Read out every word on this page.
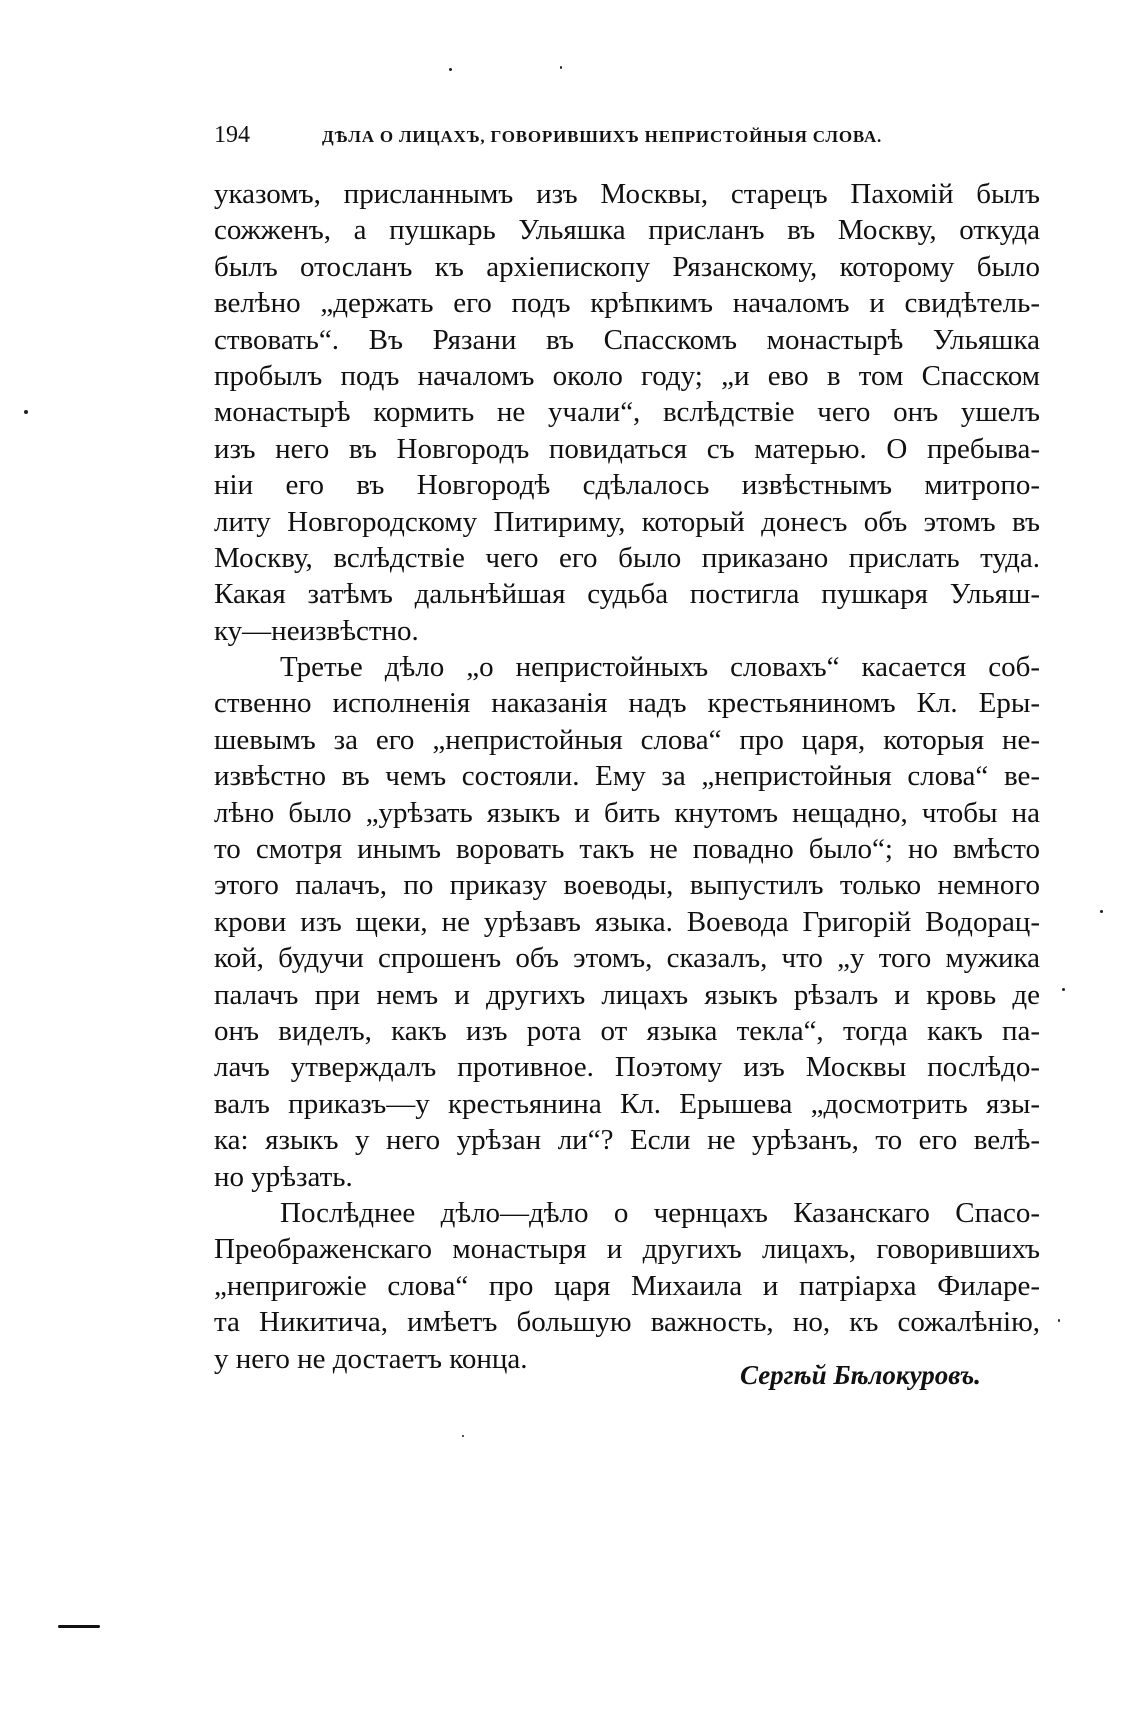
194	ДѢЛА О ЛИЦАХЪ, ГОВОРИВШИХЪ НЕПРИСТОЙНЫЯ СЛОВА.
указомъ, присланнымъ изъ Москвы, старецъ Пахомій былъ
сожженъ, а пушкарь Ульяшка присланъ въ Москву, откуда
былъ отосланъ къ архіепископу Рязанскому, которому было
велѣно „держать его подъ крѣпкимъ началомъ и свидѣтель-
ствовать“. Въ Рязани въ Спасскомъ монастырѣ Ульяшка
пробылъ подъ началомъ около году; „и ево в том Спасском
монастырѣ кормить не учали“, вслѣдствіе чего онъ ушелъ
изъ него въ Новгородъ повидаться съ матерью. О пребыва-
ніи его въ Новгородѣ сдѣлалось извѣстнымъ митропо-
литу Новгородскому Питириму, который донесъ объ этомъ въ
Москву, вслѣдствіе чего его было приказано прислать туда.
Какая затѣмъ дальнѣйшая судьба постигла пушкаря Ульяш-
ку—неизвѣстно.
Третье дѣло „о непристойныхъ словахъ“ касается соб-
ственно исполненія наказанія надъ крестьяниномъ Кл. Еры-
шевымъ за его „непристойныя слова“ про царя, которыя не-
извѣстно въ чемъ состояли. Ему за „непристойныя слова“ ве-
лѣно было „урѣзать языкъ и бить кнутомъ нещадно, чтобы на
то смотря инымъ воровать такъ не повадно было“; но вмѣсто
этого палачъ, по приказу воеводы, выпустилъ только немного
крови изъ щеки, не урѣзавъ языка. Воевода Григорій Водорац-
кой, будучи спрошенъ объ этомъ, сказалъ, что „у того мужика
палачъ при немъ и другихъ лицахъ языкъ рѣзалъ и кровь де
онъ виделъ, какъ изъ рота от языка текла“, тогда какъ па-
лачъ утверждалъ противное. Поэтому изъ Москвы послѣдо-
валъ приказъ—у крестьянина Кл. Ерышева „досмотрить язы-
ка: языкъ у него урѣзан ли“? Если не урѣзанъ, то его велѣ-
но урѣзать.
Послѣднее дѣло—дѣло о чернцахъ Казанскаго Спасо-
Преображенскаго монастыря и другихъ лицахъ, говорившихъ
„непригожіе слова“ про царя Михаила и патріарха Филаре-
та Никитича, имѣетъ большую важность, но, къ сожалѣнію,
у него не достаетъ конца.
Сергѣй Бѣлокуровъ.
